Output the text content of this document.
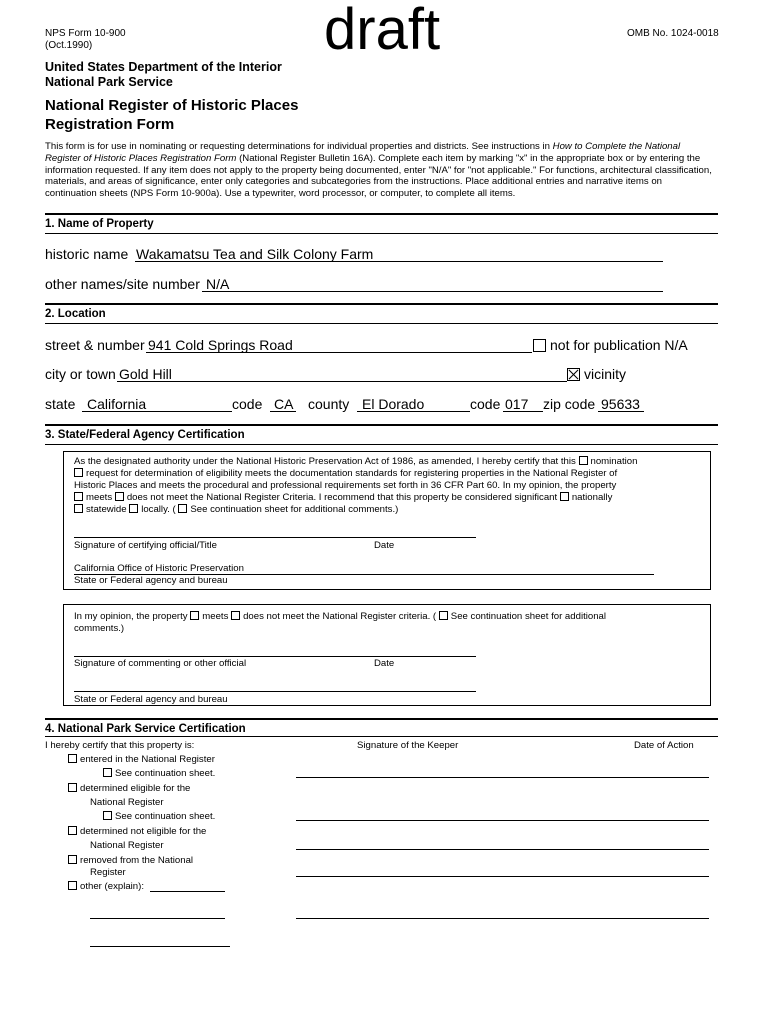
NPS Form 10-900
(Oct.1990)	draft	OMB No. 1024-0018
United States Department of the Interior
National Park Service
National Register of Historic Places
Registration Form
This form is for use in nominating or requesting determinations for individual properties and districts. See instructions in How to Complete the National Register of Historic Places Registration Form (National Register Bulletin 16A). Complete each item by marking "x" in the appropriate box or by entering the information requested. If any item does not apply to the property being documented, enter "N/A" for "not applicable." For functions, architectural classification, materials, and areas of significance, enter only categories and subcategories from the instructions. Place additional entries and narrative items on continuation sheets (NPS Form 10-900a). Use a typewriter, word processor, or computer, to complete all items.
1. Name of Property
historic name Wakamatsu Tea and Silk Colony Farm
other names/site number N/A
2. Location
street & number 941 Cold Springs Road	not for publication N/A
city or town Gold Hill	vicinity
state California	code CA county El Dorado	code 017 zip code 95633
3. State/Federal Agency Certification
As the designated authority under the National Historic Preservation Act of 1986, as amended, I hereby certify that this nomination
request for determination of eligibility meets the documentation standards for registering properties in the National Register of
Historic Places and meets the procedural and professional requirements set forth in 36 CFR Part 60. In my opinion, the property
meets does not meet the National Register Criteria. I recommend that this property be considered significant nationally
statewide locally. ( See continuation sheet for additional comments.)
Signature of certifying official/Title	Date
California Office of Historic Preservation
State or Federal agency and bureau
In my opinion, the property meets does not meet the National Register criteria. ( See continuation sheet for additional
comments.)
Signature of commenting or other official	Date
State or Federal agency and bureau
4. National Park Service Certification
I hereby certify that this property is:	Signature of the Keeper	Date of Action
entered in the National Register
See continuation sheet.
determined eligible for the
National Register
See continuation sheet.
determined not eligible for the
National Register
removed from the National
Register
other (explain):
